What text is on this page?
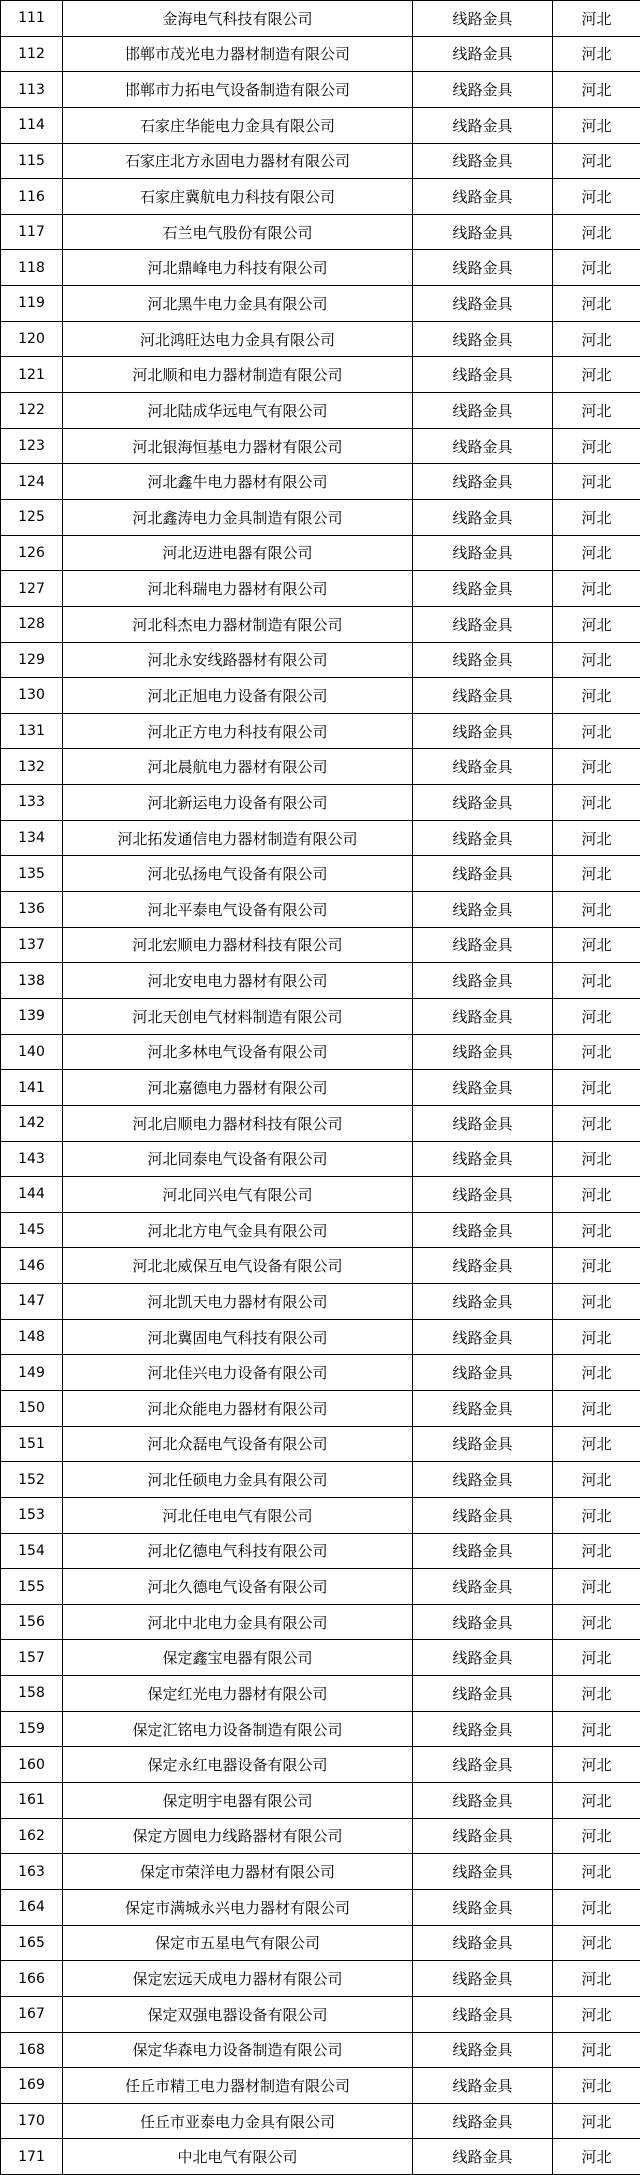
111	金海电气科技有限公司	线路金具	河北
112	邯郸市茂光电力器材制造有限公司	线路金具	河北
113	邯郸市力拓电气设备制造有限公司	线路金具	河北
114	石家庄华能电力金具有限公司	线路金具	河北
115	石家庄北方永固电力器材有限公司	线路金具	河北
116	石家庄冀航电力科技有限公司	线路金具	河北
117	石兰电气股份有限公司	线路金具	河北
118	河北鼎峰电力科技有限公司	线路金具	河北
119	河北黑牛电力金具有限公司	线路金具	河北
120	河北鸿旺达电力金具有限公司	线路金具	河北
121	河北顺和电力器材制造有限公司	线路金具	河北
122	河北陆成华远电气有限公司	线路金具	河北
123	河北银海恒基电力器材有限公司	线路金具	河北
124	河北鑫牛电力器材有限公司	线路金具	河北
125	河北鑫涛电力金具制造有限公司	线路金具	河北
126	河北迈进电器有限公司	线路金具	河北
127	河北科瑞电力器材有限公司	线路金具	河北
128	河北科杰电力器材制造有限公司	线路金具	河北
129	河北永安线路器材有限公司	线路金具	河北
130	河北正旭电力设备有限公司	线路金具	河北
131	河北正方电力科技有限公司	线路金具	河北
132	河北晨航电力器材有限公司	线路金具	河北
133	河北新运电力设备有限公司	线路金具	河北
134	河北拓发通信电力器材制造有限公司	线路金具	河北
135	河北弘扬电气设备有限公司	线路金具	河北
136	河北平泰电气设备有限公司	线路金具	河北
137	河北宏顺电力器材科技有限公司	线路金具	河北
138	河北安电电力器材有限公司	线路金具	河北
139	河北天创电气材料制造有限公司	线路金具	河北
140	河北多林电气设备有限公司	线路金具	河北
141	河北嘉德电力器材有限公司	线路金具	河北
142	河北启顺电力器材科技有限公司	线路金具	河北
143	河北同泰电气设备有限公司	线路金具	河北
144	河北同兴电气有限公司	线路金具	河北
145	河北北方电气金具有限公司	线路金具	河北
146	河北北威保互电气设备有限公司	线路金具	河北
147	河北凯天电力器材有限公司	线路金具	河北
148	河北冀固电气科技有限公司	线路金具	河北
149	河北佳兴电力设备有限公司	线路金具	河北
150	河北众能电力器材有限公司	线路金具	河北
151	河北众磊电气设备有限公司	线路金具	河北
152	河北任硕电力金具有限公司	线路金具	河北
153	河北任电电气有限公司	线路金具	河北
154	河北亿德电气科技有限公司	线路金具	河北
155	河北久德电气设备有限公司	线路金具	河北
156	河北中北电力金具有限公司	线路金具	河北
157	保定鑫宝电器有限公司	线路金具	河北
158	保定红光电力器材有限公司	线路金具	河北
159	保定汇铭电力设备制造有限公司	线路金具	河北
160	保定永红电器设备有限公司	线路金具	河北
161	保定明宇电器有限公司	线路金具	河北
162	保定方圆电力线路器材有限公司	线路金具	河北
163	保定市荣洋电力器材有限公司	线路金具	河北
164	保定市满城永兴电力器材有限公司	线路金具	河北
165	保定市五星电气有限公司	线路金具	河北
166	保定宏远天成电力器材有限公司	线路金具	河北
167	保定双强电器设备有限公司	线路金具	河北
168	保定华森电力设备制造有限公司	线路金具	河北
169	任丘市精工电力器材制造有限公司	线路金具	河北
170	任丘市亚泰电力金具有限公司	线路金具	河北
171	中北电气有限公司	线路金具	河北
